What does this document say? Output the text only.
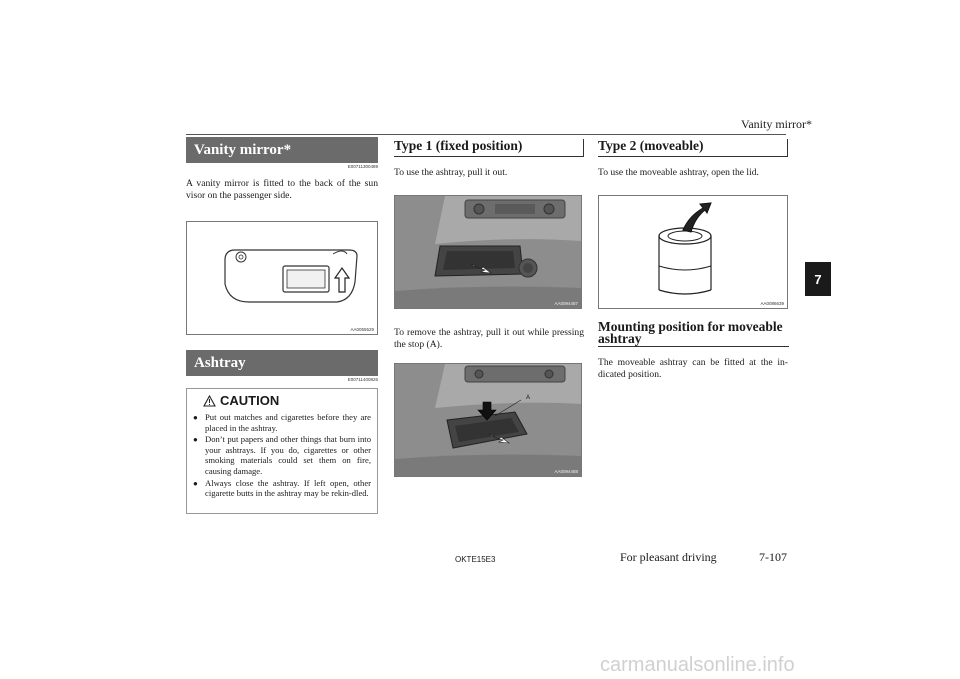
Vanity mirror*
7
Vanity mirror*
E00711300489
A vanity mirror is fitted to the back of the sun visor on the passenger side.
AA0055529
Ashtray
E00711400826
CAUTION
● Put out matches and cigarettes before they are placed in the ashtray.
● Don’t put papers and other things that burn into your ashtrays. If you do, cigarettes or other smoking materials could set them on fire, causing damage.
● Always close the ashtray. If left open, other cigarette butts in the ashtray may be rekin-dled.
Type 1 (fixed position)
To use the ashtray, pull it out.
AA0094487
To remove the ashtray, pull it out while pressing the stop (A).
A
AA0094488
Type 2 (moveable)
To use the moveable ashtray, open the lid.
AA0086639
Mounting position for moveable ashtray
The moveable ashtray can be fitted at the in-dicated position.
OKTE15E3	For pleasant driving	7-107
carmanualsonline.info
